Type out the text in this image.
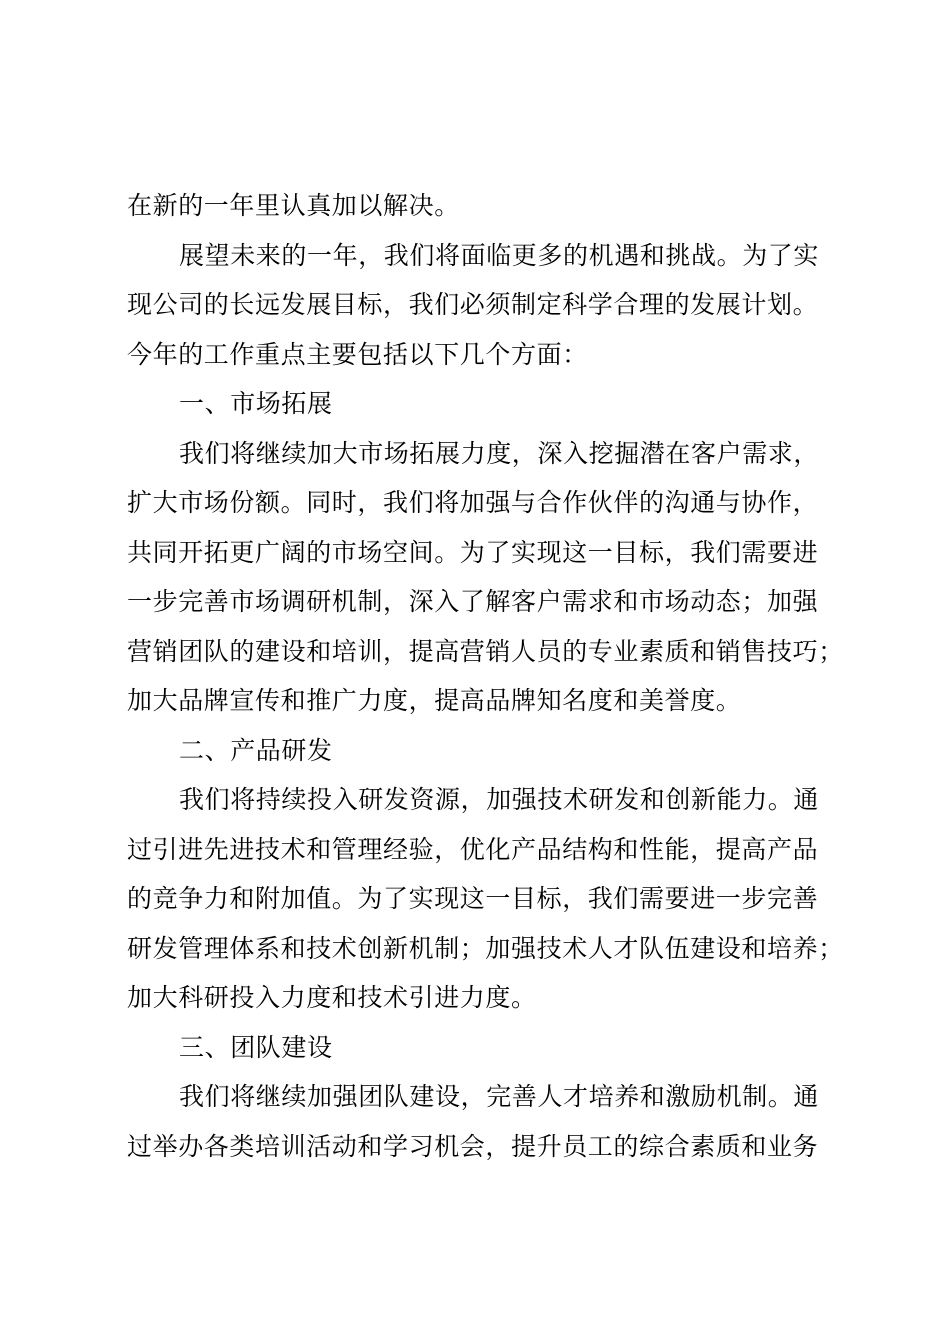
在新的一年里认真加以解决。
展望未来的一年，我们将面临更多的机遇和挑战。为了实
现公司的长远发展目标，我们必须制定科学合理的发展计划。
今年的工作重点主要包括以下几个方面：
一、市场拓展
我们将继续加大市场拓展力度，深入挖掘潜在客户需求，
扩大市场份额。同时，我们将加强与合作伙伴的沟通与协作，
共同开拓更广阔的市场空间。为了实现这一目标，我们需要进
一步完善市场调研机制，深入了解客户需求和市场动态；加强
营销团队的建设和培训，提高营销人员的专业素质和销售技巧；
加大品牌宣传和推广力度，提高品牌知名度和美誉度。
二、产品研发
我们将持续投入研发资源，加强技术研发和创新能力。通
过引进先进技术和管理经验，优化产品结构和性能，提高产品
的竞争力和附加值。为了实现这一目标，我们需要进一步完善
研发管理体系和技术创新机制；加强技术人才队伍建设和培养；
加大科研投入力度和技术引进力度。
三、团队建设
我们将继续加强团队建设，完善人才培养和激励机制。通
过举办各类培训活动和学习机会，提升员工的综合素质和业务
